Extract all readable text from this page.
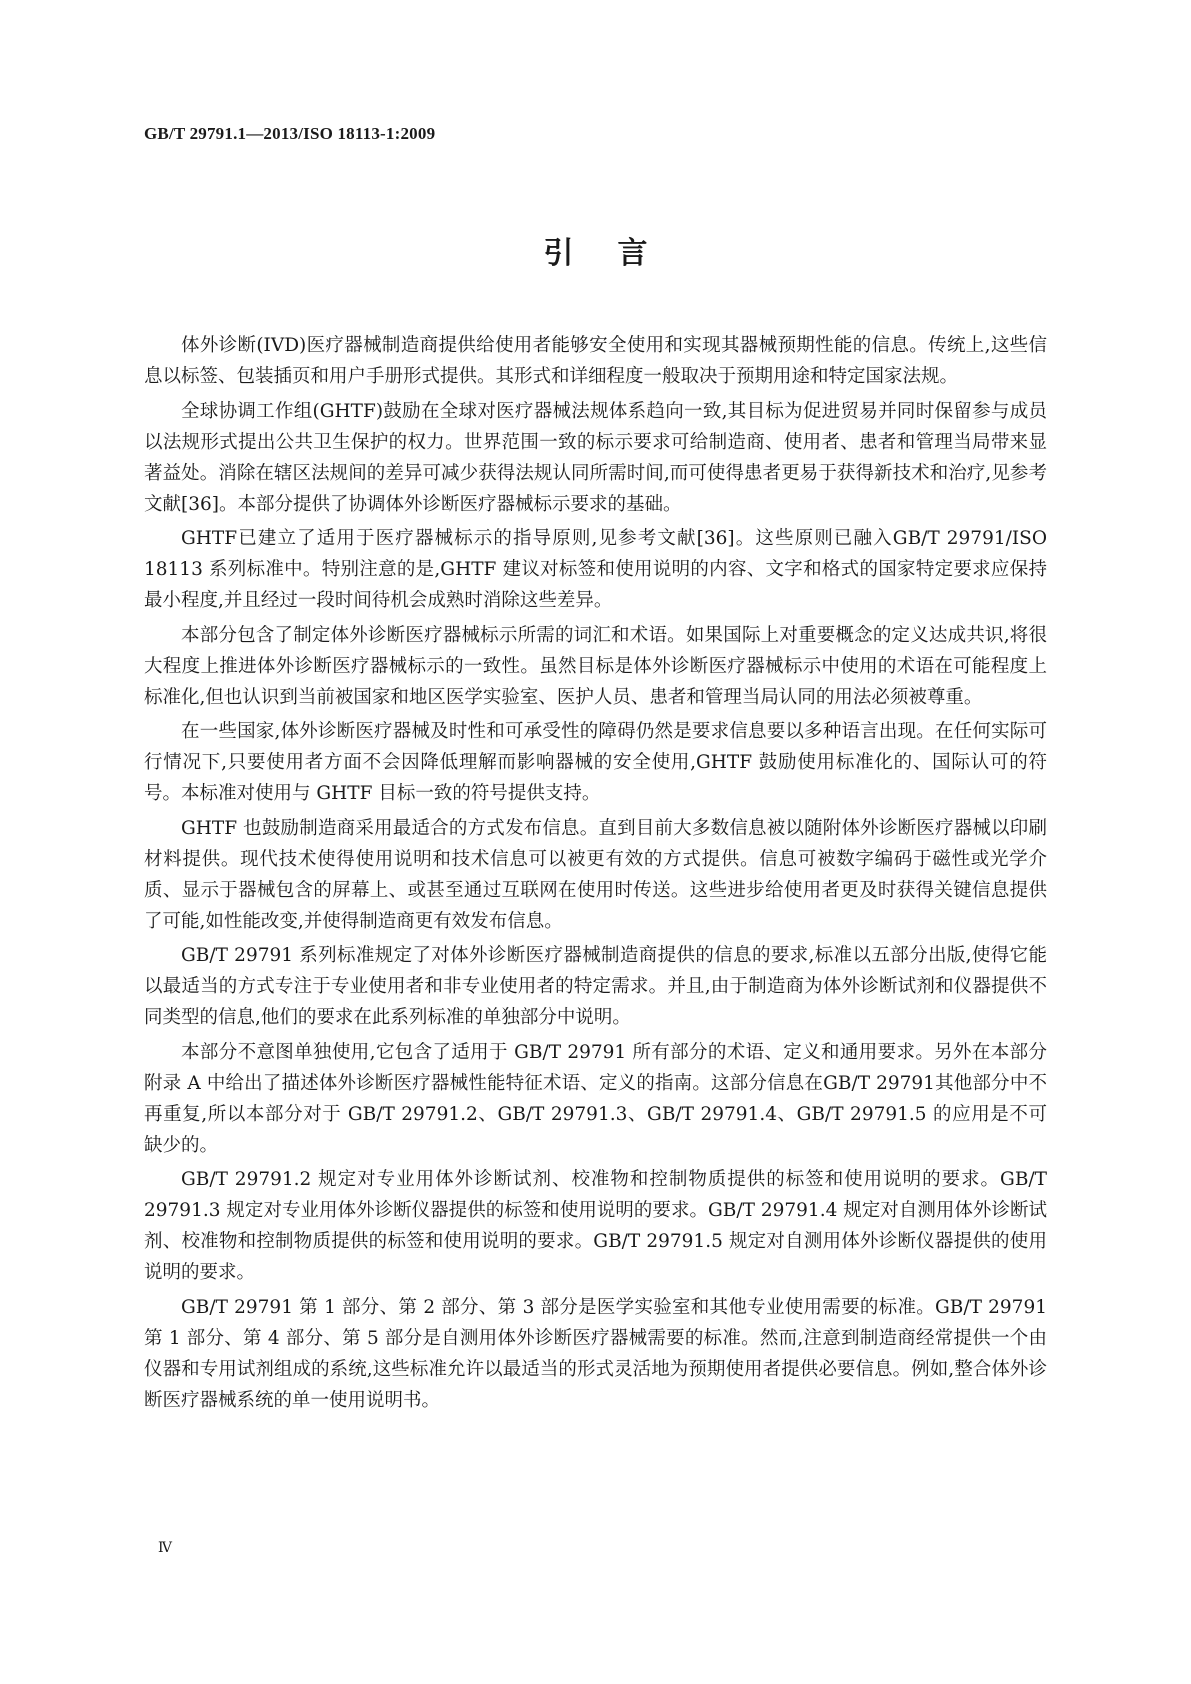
GB/T 29791.1—2013/ISO 18113-1:2009
引言

体外诊断(IVD)医疗器械制造商提供给使用者能够安全使用和实现其器械预期性能的信息。传统上,这些信息以标签、包装插页和用户手册形式提供。其形式和详细程度一般取决于预期用途和特定国家法规。

全球协调工作组(GHTF)鼓励在全球对医疗器械法规体系趋向一致,其目标为促进贸易并同时保留参与成员以法规形式提出公共卫生保护的权力。世界范围一致的标示要求可给制造商、使用者、患者和管理当局带来显著益处。消除在辖区法规间的差异可减少获得法规认同所需时间,而可使得患者更易于获得新技术和治疗,见参考文献[36]。本部分提供了协调体外诊断医疗器械标示要求的基础。

GHTF已建立了适用于医疗器械标示的指导原则,见参考文献[36]。这些原则已融入GB/T 29791/ISO 18113 系列标准中。特别注意的是,GHTF 建议对标签和使用说明的内容、文字和格式的国家特定要求应保持最小程度,并且经过一段时间待机会成熟时消除这些差异。

本部分包含了制定体外诊断医疗器械标示所需的词汇和术语。如果国际上对重要概念的定义达成共识,将很大程度上推进体外诊断医疗器械标示的一致性。虽然目标是体外诊断医疗器械标示中使用的术语在可能程度上标准化,但也认识到当前被国家和地区医学实验室、医护人员、患者和管理当局认同的用法必须被尊重。

在一些国家,体外诊断医疗器械及时性和可承受性的障碍仍然是要求信息要以多种语言出现。在任何实际可行情况下,只要使用者方面不会因降低理解而影响器械的安全使用,GHTF 鼓励使用标准化的、国际认可的符号。本标准对使用与 GHTF 目标一致的符号提供支持。

GHTF 也鼓励制造商采用最适合的方式发布信息。直到目前大多数信息被以随附体外诊断医疗器械以印刷材料提供。现代技术使得使用说明和技术信息可以被更有效的方式提供。信息可被数字编码于磁性或光学介质、显示于器械包含的屏幕上、或甚至通过互联网在使用时传送。这些进步给使用者更及时获得关键信息提供了可能,如性能改变,并使得制造商更有效发布信息。

GB/T 29791 系列标准规定了对体外诊断医疗器械制造商提供的信息的要求,标准以五部分出版,使得它能以最适当的方式专注于专业使用者和非专业使用者的特定需求。并且,由于制造商为体外诊断试剂和仪器提供不同类型的信息,他们的要求在此系列标准的单独部分中说明。

本部分不意图单独使用,它包含了适用于 GB/T 29791 所有部分的术语、定义和通用要求。另外在本部分附录 A 中给出了描述体外诊断医疗器械性能特征术语、定义的指南。这部分信息在GB/T 29791其他部分中不再重复,所以本部分对于 GB/T 29791.2、GB/T 29791.3、GB/T 29791.4、GB/T 29791.5 的应用是不可缺少的。

GB/T 29791.2 规定对专业用体外诊断试剂、校准物和控制物质提供的标签和使用说明的要求。GB/T 29791.3 规定对专业用体外诊断仪器提供的标签和使用说明的要求。GB/T 29791.4 规定对自测用体外诊断试剂、校准物和控制物质提供的标签和使用说明的要求。GB/T 29791.5 规定对自测用体外诊断仪器提供的使用说明的要求。

GB/T 29791 第 1 部分、第 2 部分、第 3 部分是医学实验室和其他专业使用需要的标准。GB/T 29791第 1 部分、第 4 部分、第 5 部分是自测用体外诊断医疗器械需要的标准。然而,注意到制造商经常提供一个由仪器和专用试剂组成的系统,这些标准允许以最适当的形式灵活地为预期使用者提供必要信息。例如,整合体外诊断医疗器械系统的单一使用说明书。

Ⅳ
